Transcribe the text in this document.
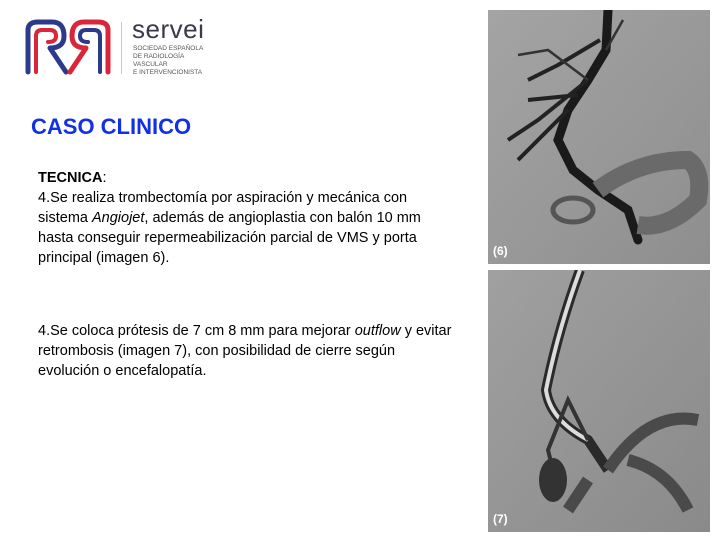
servei
SOCIEDAD ESPAÑOLA
DE RADIOLOGÍA
VASCULAR
E INTERVENCIONISTA
CASO CLINICO
TECNICA:
4.Se realiza trombectomía por aspiración y mecánica con sistema Angiojet, además de angioplastia con balón 10 mm hasta conseguir repermeabilización parcial de VMS y porta principal (imagen 6).
4.Se coloca prótesis de 7 cm 8 mm para mejorar outflow y evitar retrombosis (imagen 7), con posibilidad de cierre según evolución o encefalopatía.
(6)
(7)
